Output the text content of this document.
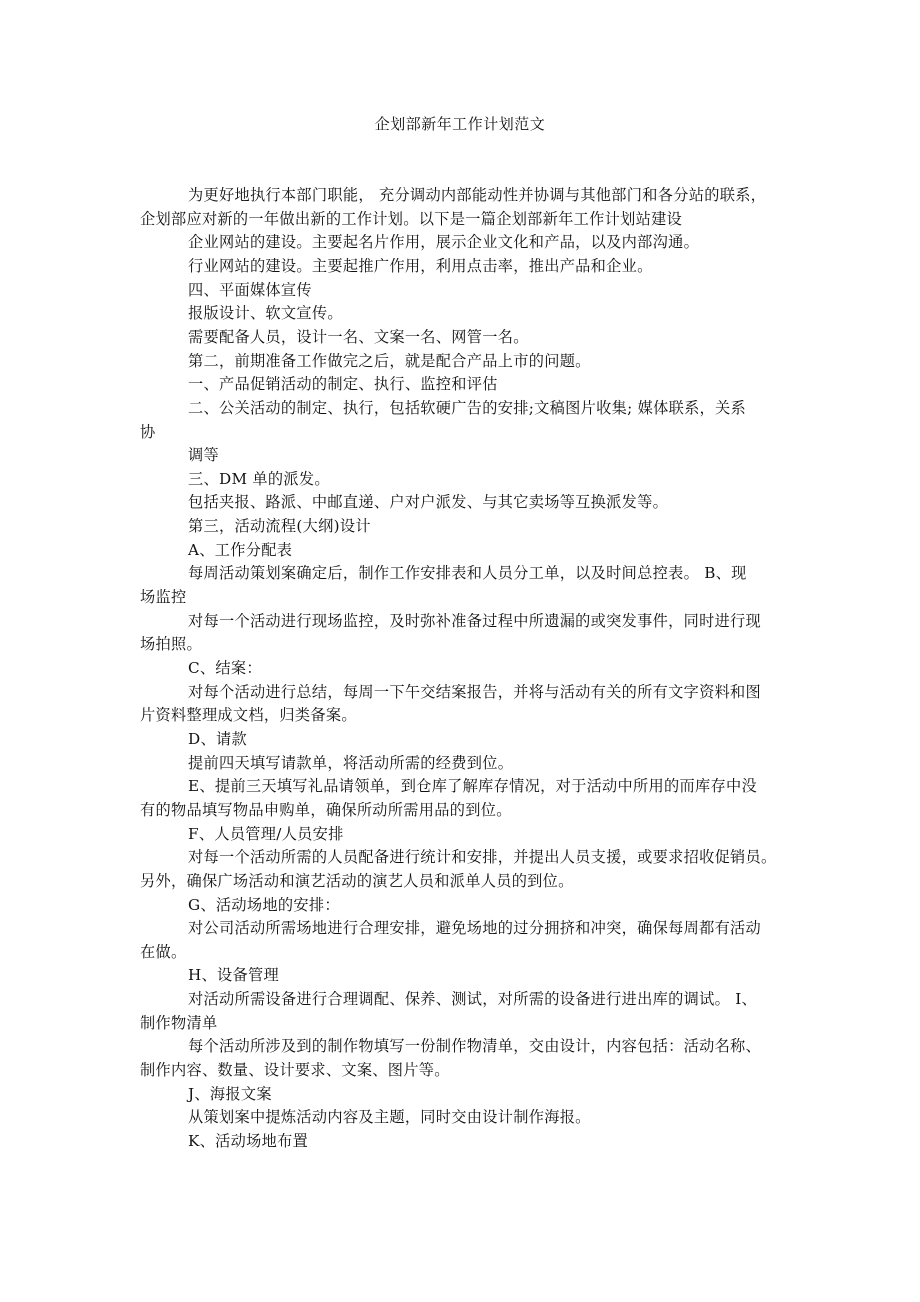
企划部新年工作计划范文
为更好地执行本部门职能， 充分调动内部能动性并协调与其他部门和各分站的联系，
企划部应对新的一年做出新的工作计划。以下是一篇企划部新年工作计划站建设
企业网站的建设。主要起名片作用，展示企业文化和产品，以及内部沟通。
行业网站的建设。主要起推广作用，利用点击率，推出产品和企业。
四、平面媒体宣传
报版设计、软文宣传。
需要配备人员，设计一名、文案一名、网管一名。
第二，前期准备工作做完之后，就是配合产品上市的问题。
一、产品促销活动的制定、执行、监控和评估
二、公关活动的制定、执行，包括软硬广告的安排;文稿图片收集; 媒体联系，关系
协
调等
三、DM 单的派发。
包括夹报、路派、中邮直递、户对户派发、与其它卖场等互换派发等。
第三，活动流程(大纲)设计
A、工作分配表
每周活动策划案确定后，制作工作安排表和人员分工单，以及时间总控表。 B、现
场监控
对每一个活动进行现场监控，及时弥补准备过程中所遗漏的或突发事件，同时进行现
场拍照。
C、结案：
对每个活动进行总结，每周一下午交结案报告，并将与活动有关的所有文字资料和图
片资料整理成文档，归类备案。
D、请款
提前四天填写请款单，将活动所需的经费到位。
E、提前三天填写礼品请领单，到仓库了解库存情况，对于活动中所用的而库存中没
有的物品填写物品申购单，确保所动所需用品的到位。
F、人员管理/人员安排
对每一个活动所需的人员配备进行统计和安排，并提出人员支援，或要求招收促销员。
另外，确保广场活动和演艺活动的演艺人员和派单人员的到位。
G、活动场地的安排：
对公司活动所需场地进行合理安排，避免场地的过分拥挤和冲突，确保每周都有活动
在做。
H、设备管理
对活动所需设备进行合理调配、保养、测试，对所需的设备进行进出库的调试。 I、
制作物清单
每个活动所涉及到的制作物填写一份制作物清单，交由设计，内容包括：活动名称、
制作内容、数量、设计要求、文案、图片等。
J、海报文案
从策划案中提炼活动内容及主题，同时交由设计制作海报。
K、活动场地布置
